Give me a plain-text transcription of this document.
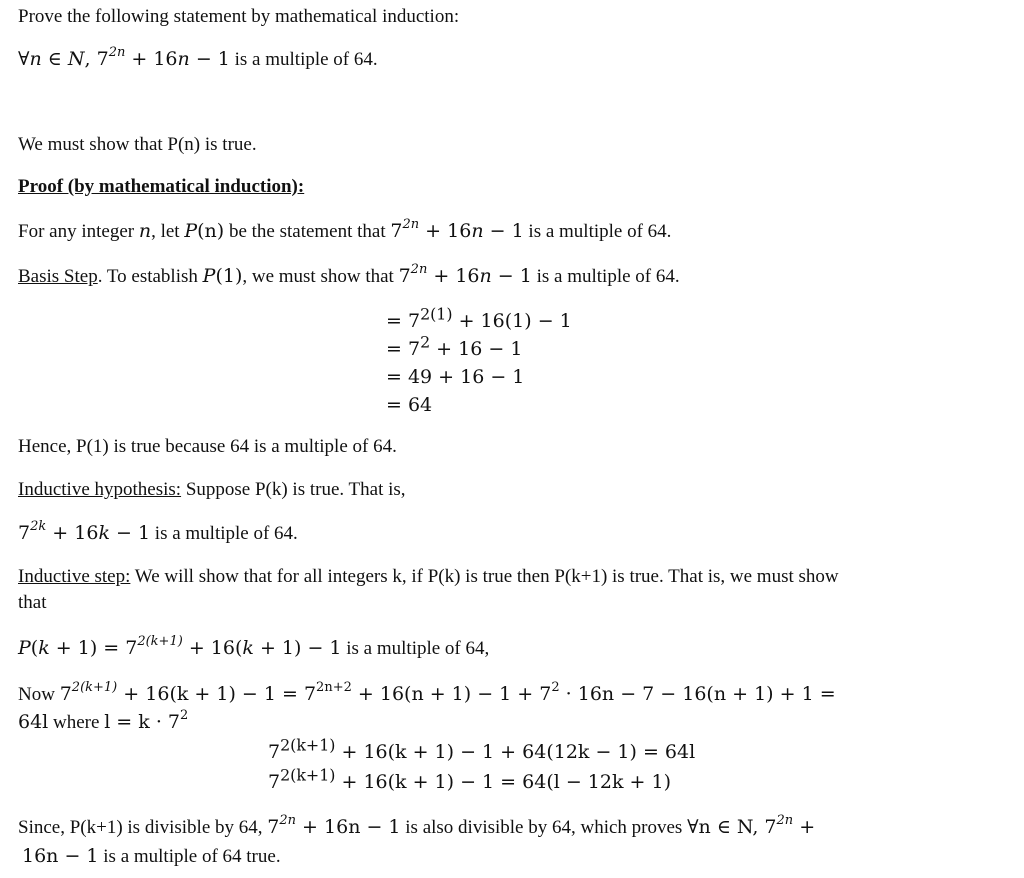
Prove the following statement by mathematical induction:
∀n ∈ N, $7^{2n} + 16n - 1$ is a multiple of 64.
We must show that P(n) is true.
Proof (by mathematical induction):
For any integer n, let P(n) be the statement that $7^{2n} + 16n - 1$ is a multiple of 64.
Basis Step. To establish P(1), we must show that $7^{2n} + 16n - 1$ is a multiple of 64.
= $7^{2(1)} + 16(1) - 1$
= $7^2 + 16 - 1$
= 49 + 16 − 1
= 64
Hence, P(1) is true because 64 is a multiple of 64.
Inductive hypothesis: Suppose P(k) is true. That is,
$7^{2k} + 16k - 1$ is a multiple of 64.
Inductive step: We will show that for all integers k, if P(k) is true then P(k+1) is true. That is, we must show
that
$P(k + 1) = 7^{2(k+1)} + 16(k + 1) - 1$ is a multiple of 64,
Now $7^{2(k+1)} + 16(k + 1) - 1 = 7^{2n+2} + 16(n + 1) - 1 + 7^2 \cdot 16n - 7 - 16(n + 1) + 1$ =
64l where $l = k \cdot 7^2$
$7^{2(k+1)} + 16(k + 1) - 1 + 64(12k - 1) = 64l$
$7^{2(k+1)} + 16(k + 1) - 1 = 64(l - 12k + 1)$
Since, P(k+1) is divisible by 64, $7^{2n} + 16n - 1$ is also divisible by 64, which proves ∀n ∈ N, $7^{2n}$ +
16n − 1 is a multiple of 64 true.
